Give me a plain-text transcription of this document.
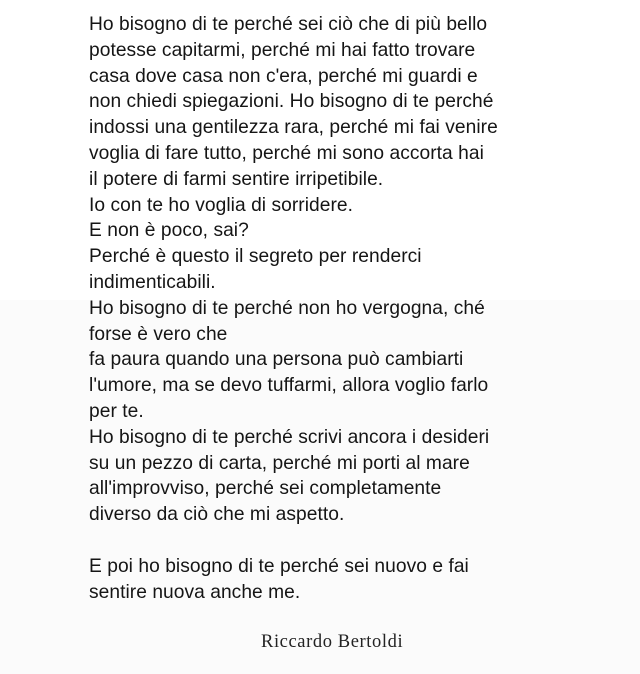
Ho bisogno di te perché sei ciò che di più bello
potesse capitarmi, perché mi hai fatto trovare
casa dove casa non c'era, perché mi guardi e
non chiedi spiegazioni. Ho bisogno di te perché
indossi una gentilezza rara, perché mi fai venire
voglia di fare tutto, perché mi sono accorta hai
il potere di farmi sentire irripetibile.
Io con te ho voglia di sorridere.
E non è poco, sai?
Perché è questo il segreto per renderci
indimenticabili.
Ho bisogno di te perché non ho vergogna, ché
forse è vero che
fa paura quando una persona può cambiarti
l'umore, ma se devo tuffarmi, allora voglio farlo
per te.
Ho bisogno di te perché scrivi ancora i desideri
su un pezzo di carta, perché mi porti al mare
all'improvviso, perché sei completamente
diverso da ciò che mi aspetto.
E poi ho bisogno di te perché sei nuovo e fai
sentire nuova anche me.
Riccardo Bertoldi
